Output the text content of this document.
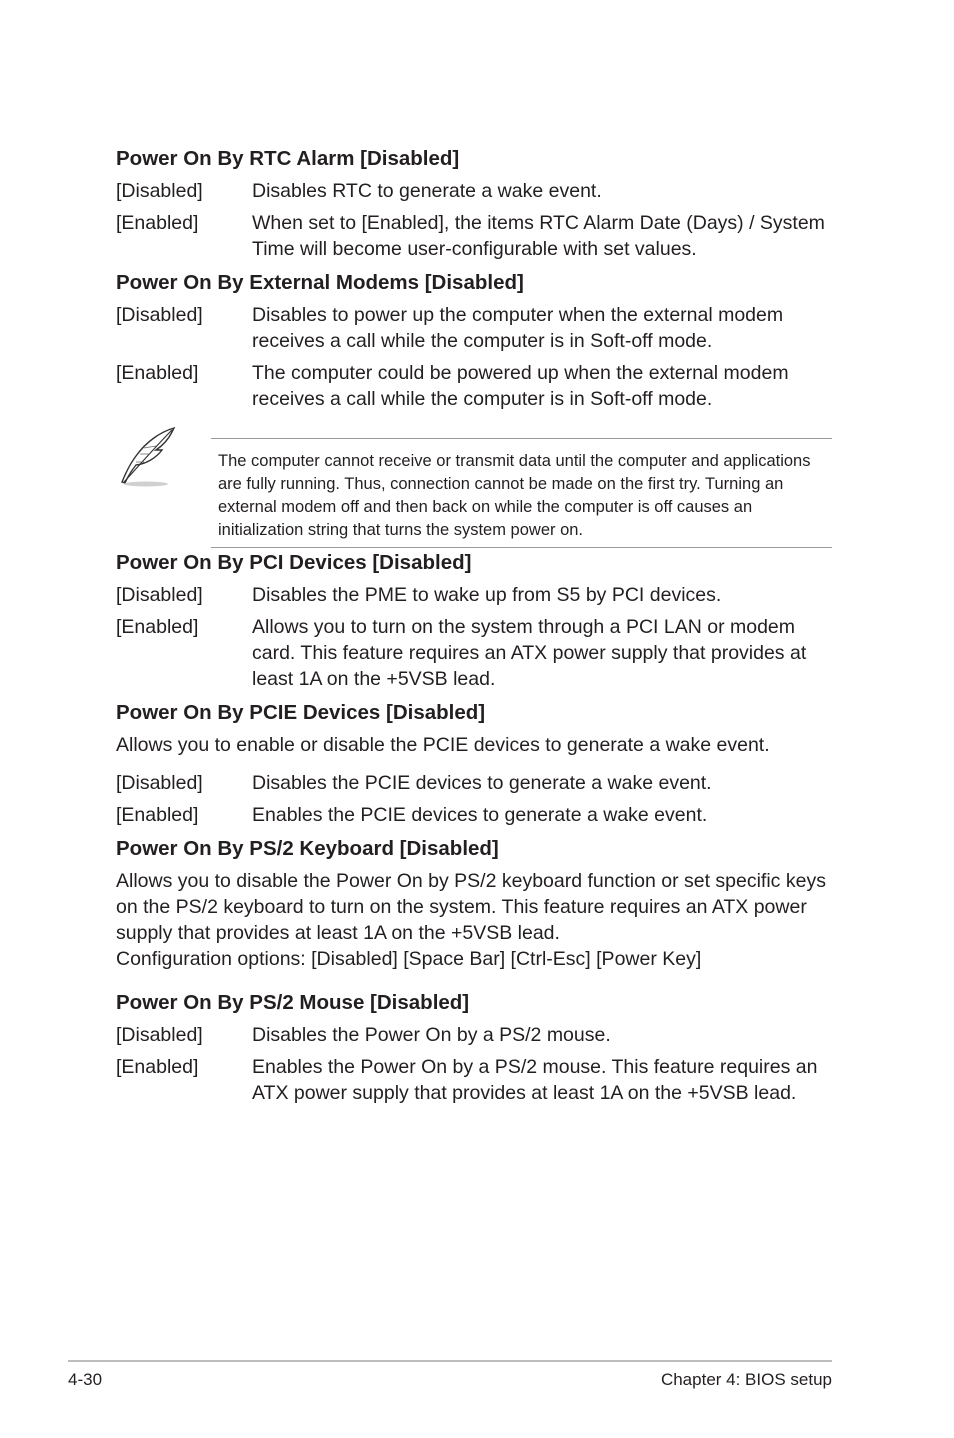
Power On By RTC Alarm [Disabled]
[Disabled]	Disables RTC to generate a wake event.
[Enabled]	When set to [Enabled], the items RTC Alarm Date (Days) / System Time will become user-configurable with set values.
Power On By External Modems [Disabled]
[Disabled]	Disables to power up the computer when the external modem receives a call while the computer is in Soft-off mode.
[Enabled]	The computer could be powered up when the external modem receives a call while the computer is in Soft-off mode.
The computer cannot receive or transmit data until the computer and applications are fully running. Thus, connection cannot be made on the first try. Turning an external modem off and then back on while the computer is off causes an initialization string that turns the system power on.
Power On By PCI Devices [Disabled]
[Disabled]	Disables the PME to wake up from S5 by PCI devices.
[Enabled]	Allows you to turn on the system through a PCI LAN or modem card. This feature requires an ATX power supply that provides at least 1A on the +5VSB lead.
Power On By PCIE Devices [Disabled]
Allows you to enable or disable the PCIE devices to generate a wake event.
[Disabled]	Disables the PCIE devices to generate a wake event.
[Enabled]	Enables the PCIE devices to generate a wake event.
Power On By PS/2 Keyboard [Disabled]
Allows you to disable the Power On by PS/2 keyboard function or set specific keys on the PS/2 keyboard to turn on the system. This feature requires an ATX power supply that provides at least 1A on the +5VSB lead.
Configuration options: [Disabled] [Space Bar] [Ctrl-Esc] [Power Key]
Power On By PS/2 Mouse [Disabled]
[Disabled]	Disables the Power On by a PS/2 mouse.
[Enabled]	Enables the Power On by a PS/2 mouse. This feature requires an ATX power supply that provides at least 1A on the +5VSB lead.
4-30	Chapter 4: BIOS setup
